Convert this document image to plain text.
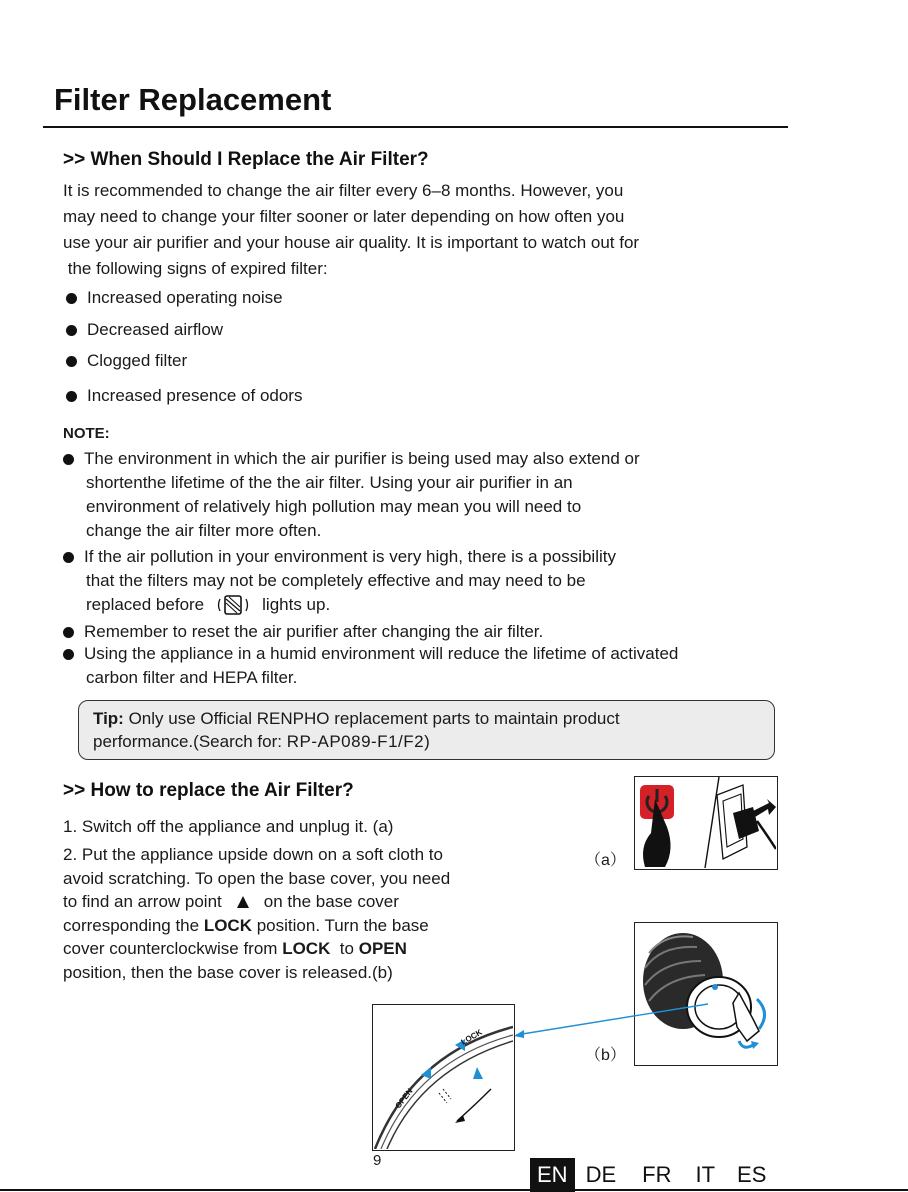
Filter Replacement
>> When Should I Replace the Air Filter?
It is recommended to change the air filter every 6–8 months. However, you
may need to change your filter sooner or later depending on how often you
use your air purifier and your house air quality. It is important to watch out for
the following signs of expired filter:
Increased operating noise
Decreased airflow
Clogged filter
Increased presence of odors
NOTE:
The environment in which the air purifier is being used may also extend or
shortenthe lifetime of the the air filter. Using your air purifier in an
environment of relatively high pollution may mean you will need to
change the air filter more often.
If the air pollution in your environment is very high, there is a possibility
that the filters may not be completely effective and may need to be
replaced before	lights up.
Remember to reset the air purifier after changing the air filter.
Using the appliance in a humid environment will reduce the lifetime of activated
carbon filter and HEPA filter.
Tip: Only use Official RENPHO replacement parts to maintain product
performance.(Search for: RP-AP089-F1/F2)
>> How to replace the Air Filter?
1. Switch off the appliance and unplug it. (a)
2. Put the appliance upside down on a soft cloth to
avoid scratching. To open the base cover, you need
to find an arrow point on the base cover
corresponding the LOCK position. Turn the base
cover counterclockwise from LOCK  to OPEN
position, then the base cover is released.(b)
（a）
（b）
OPEN
LOCK
9
EN DE	FR	IT	ES
